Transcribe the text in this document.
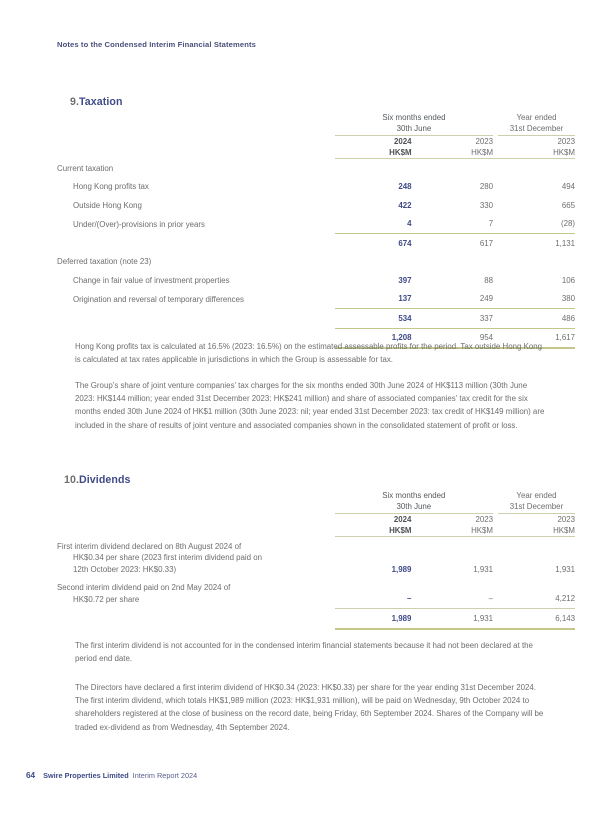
Notes to the Condensed Interim Financial Statements
9. Taxation

Six months ended
30th June

Year ended
31st December

2024
HK$M

2023
HK$M

2023
HK$M

Current taxation					
Hong Kong profits tax	248		280		494
Outside Hong Kong	422		330		665
Under/(Over)-provisions in prior years	4		7		(28)
	674		617		1,131
Deferred taxation (note 23)					
Change in fair value of investment properties	397		88		106
Origination and reversal of temporary differences	137		249		380
	534		337		486
	1,208		954		1,617
Hong Kong profits tax is calculated at 16.5% (2023: 16.5%) on the estimated assessable profits for the period. Tax outside Hong Kong is calculated at tax rates applicable in jurisdictions in which the Group is assessable for tax.
The Group’s share of joint venture companies’ tax charges for the six months ended 30th June 2024 of HK$113 million (30th June 2023: HK$144 million; year ended 31st December 2023: HK$241 million) and share of associated companies’ tax credit for the six months ended 30th June 2024 of HK$1 million (30th June 2023: nil; year ended 31st December 2023: tax credit of HK$149 million) are included in the share of results of joint venture and associated companies shown in the consolidated statement of profit or loss.
10. Dividends

Six months ended
30th June

Year ended
31st December

2024
HK$M

2023
HK$M

2023
HK$M

First interim dividend declared on 8th August 2024 of
HK$0.34 per share (2023 first interim dividend paid on
12th October 2023: HK$0.33)	1,989		1,931		1,931

Second interim dividend paid on 2nd May 2024 of
HK$0.72 per share	–		–		4,212
	1,989		1,931		6,143
The first interim dividend is not accounted for in the condensed interim financial statements because it had not been declared at the period end date.
The Directors have declared a first interim dividend of HK$0.34 (2023: HK$0.33) per share for the year ending 31st December 2024. The first interim dividend, which totals HK$1,989 million (2023: HK$1,931 million), will be paid on Wednesday, 9th October 2024 to shareholders registered at the close of business on the record date, being Friday, 6th September 2024. Shares of the Company will be traded ex-dividend as from Wednesday, 4th September 2024.
64 Swire Properties Limited Interim Report 2024
